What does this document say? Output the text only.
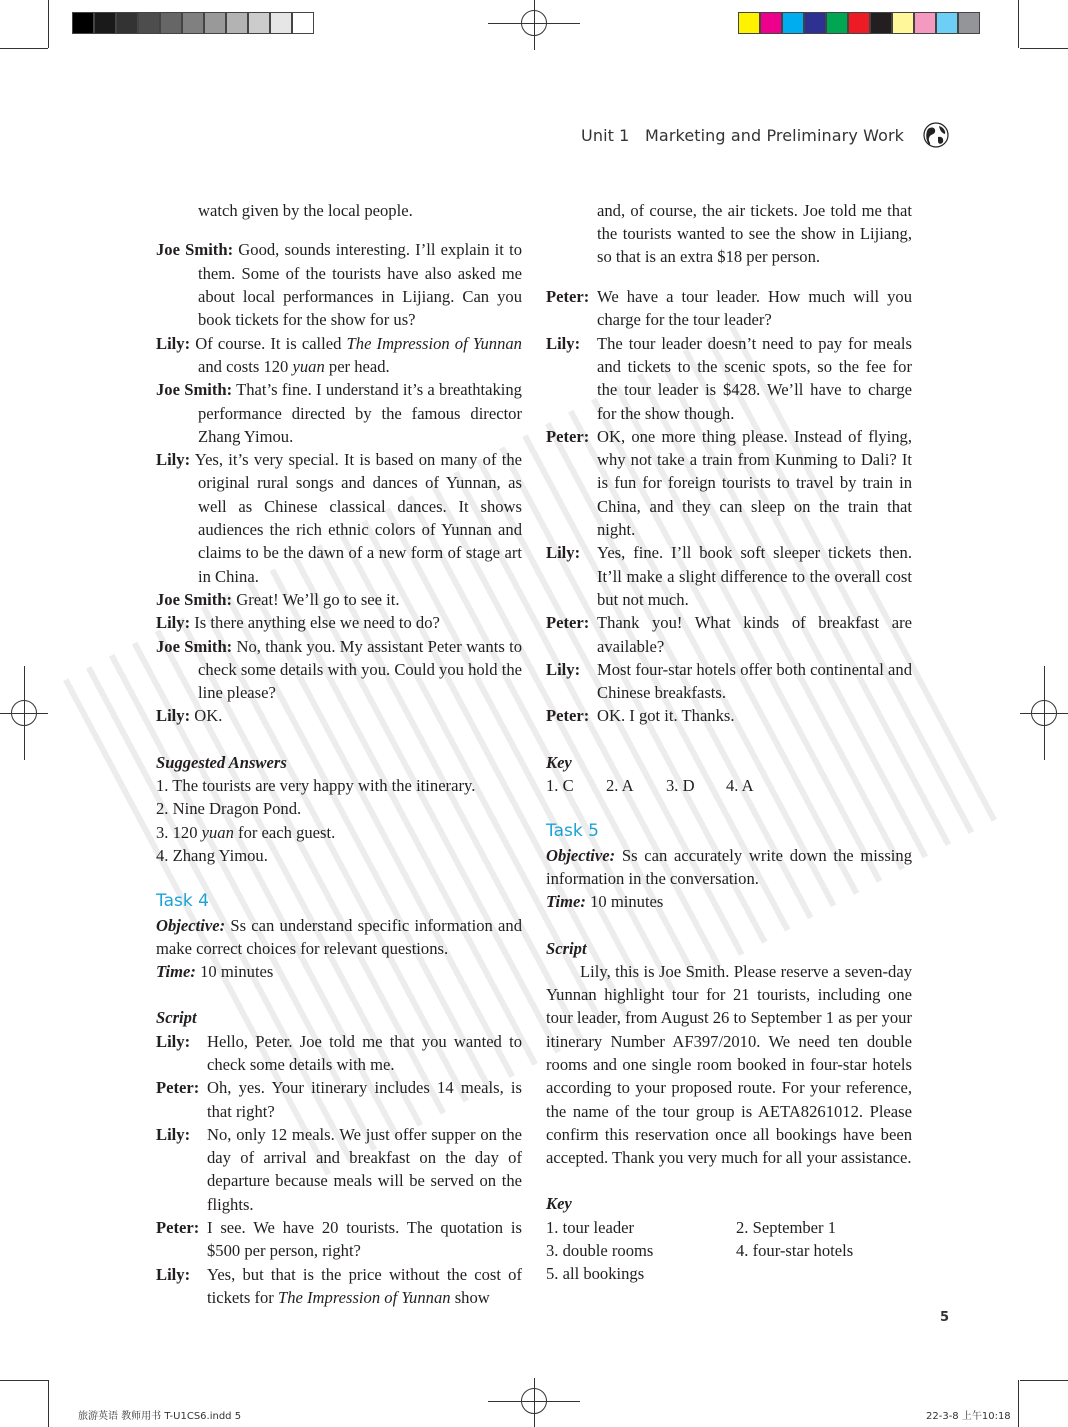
Unit 1 Marketing and Preliminary Work

watch given by the local people.

Joe Smith: Good, sounds interesting. I’ll explain it to them. Some of the tourists have also asked me about local performances in Lijiang. Can you book tickets for the show for us?

Lily: Of course. It is called The Impression of Yunnan and costs 120 yuan per head.

Joe Smith: That’s fine. I understand it’s a breathtaking performance directed by the famous director Zhang Yimou.

Lily: Yes, it’s very special. It is based on many of the original rural songs and dances of Yunnan, as well as Chinese classical dances. It shows audiences the rich ethnic colors of Yunnan and claims to be the dawn of a new form of stage art in China.

Joe Smith: Great! We’ll go to see it.

Lily: Is there anything else we need to do?

Joe Smith: No, thank you. My assistant Peter wants to check some details with you. Could you hold the line please?

Lily: OK.

Suggested Answers

1. The tourists are very happy with the itinerary.

2. Nine Dragon Pond.

3. 120 yuan for each guest.

4. Zhang Yimou.

Task 4

Objective: Ss can understand specific information and make correct choices for relevant questions.

Time: 10 minutes

Script

Lily: Hello, Peter. Joe told me that you wanted to check some details with me.

Peter: Oh, yes. Your itinerary includes 14 meals, is that right?

Lily: No, only 12 meals. We just offer supper on the day of arrival and breakfast on the day of departure because meals will be served on the flights.

Peter: I see. We have 20 tourists. The quotation is $500 per person, right?

Lily: Yes, but that is the price without the cost of tickets for The Impression of Yunnan show

and, of course, the air tickets. Joe told me that the tourists wanted to see the show in Lijiang, so that is an extra $18 per person.

Peter: We have a tour leader. How much will you charge for the tour leader?

Lily: The tour leader doesn’t need to pay for meals and tickets to the scenic spots, so the fee for the tour leader is $428. We’ll have to charge for the show though.

Peter: OK, one more thing please. Instead of flying, why not take a train from Kunming to Dali? It is fun for foreign tourists to travel by train in China, and they can sleep on the train that night.

Lily: Yes, fine. I’ll book soft sleeper tickets then. It’ll make a slight difference to the overall cost but not much.

Peter: Thank you! What kinds of breakfast are available?

Lily: Most four-star hotels offer both continental and Chinese breakfasts.

Peter: OK. I got it. Thanks.

Key

1. C 2. A 3. D 4. A

Task 5

Objective: Ss can accurately write down the missing information in the conversation.

Time: 10 minutes

Script

Lily, this is Joe Smith. Please reserve a seven-day Yunnan highlight tour for 21 tourists, including one tour leader, from August 26 to September 1 as per your itinerary Number AF397/2010. We need ten double rooms and one single room booked in four-star hotels according to your proposed route. For your reference, the name of the tour group is AETA8261012. Please confirm this reservation once all bookings have been accepted. Thank you very much for all your assistance.

Key

1. tour leader	2. September 1
3. double rooms	4. four-star hotels
5. all bookings
5
旅游英语 教师用书 T-U1CS6.indd 5	22-3-8 上午10:18
